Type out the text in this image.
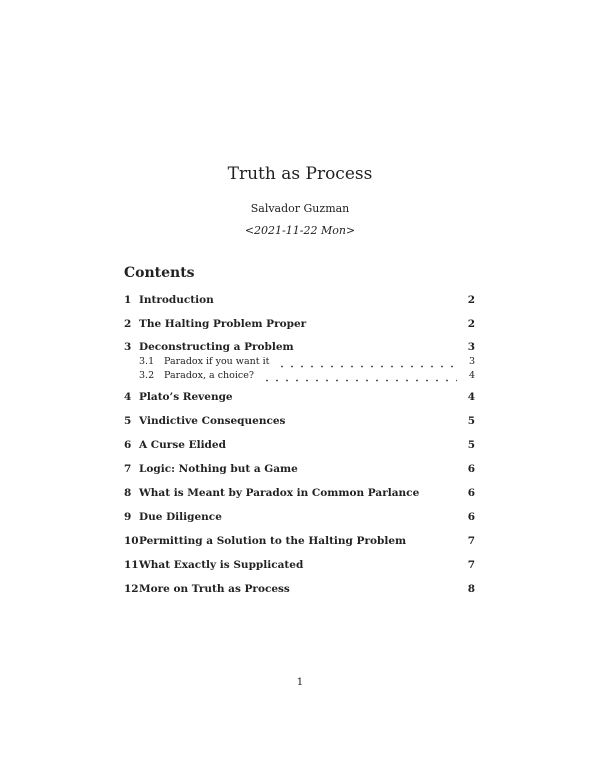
Truth as Process
Salvador Guzman
<2021-11-22 Mon>
Contents
1 Introduction	2
2 The Halting Problem Proper	2
3 Deconstructing a Problem	3
3.1	Paradox if you want it	3
3.2	Paradox, a choice?	4
4 Plato’s Revenge	4
5 Vindictive Consequences	5
6 A Curse Elided	5
7 Logic: Nothing but a Game	6
8 What is Meant by Paradox in Common Parlance	6
9 Due Diligence	6
10 Permitting a Solution to the Halting Problem	7
11 What Exactly is Supplicated	7
12 More on Truth as Process	8
1
